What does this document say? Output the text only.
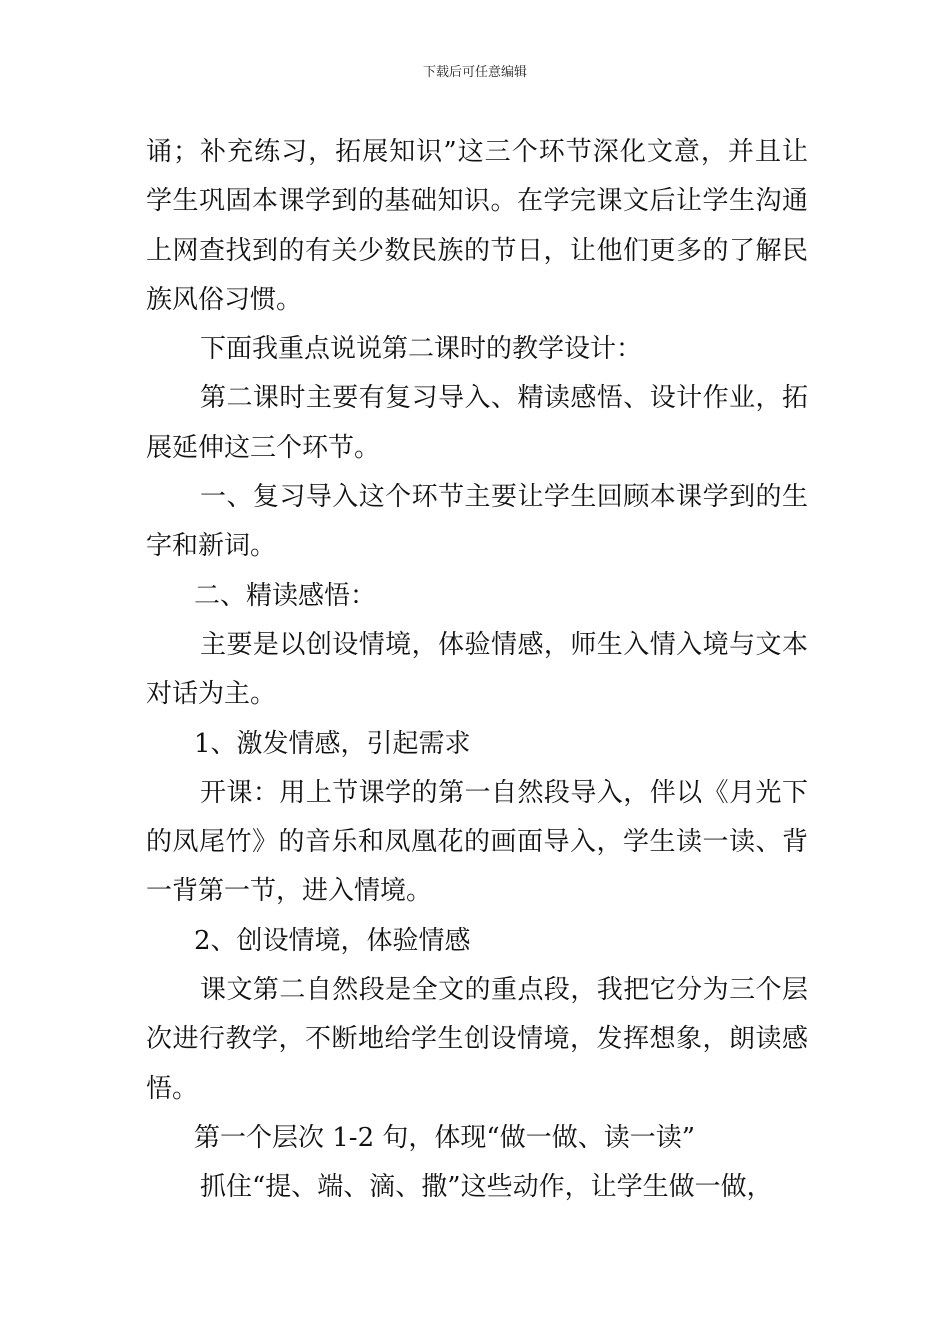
下载后可任意编辑

诵；补充练习，拓展知识”这三个环节深化文意，并且让学生巩固本课学到的基础知识。在学完课文后让学生沟通上网查找到的有关少数民族的节日，让他们更多的了解民族风俗习惯。

下面我重点说说第二课时的教学设计：

第二课时主要有复习导入、精读感悟、设计作业，拓展延伸这三个环节。

一、复习导入这个环节主要让学生回顾本课学到的生字和新词。

二、精读感悟：

主要是以创设情境，体验情感，师生入情入境与文本对话为主。

1、激发情感，引起需求

开课：用上节课学的第一自然段导入，伴以《月光下的凤尾竹》的音乐和凤凰花的画面导入，学生读一读、背一背第一节，进入情境。

2、创设情境，体验情感

课文第二自然段是全文的重点段，我把它分为三个层次进行教学，不断地给学生创设情境，发挥想象，朗读感悟。

第一个层次 1-2 句，体现“做一做、读一读”

抓住“提、端、滴、撒”这些动作，让学生做一做，
